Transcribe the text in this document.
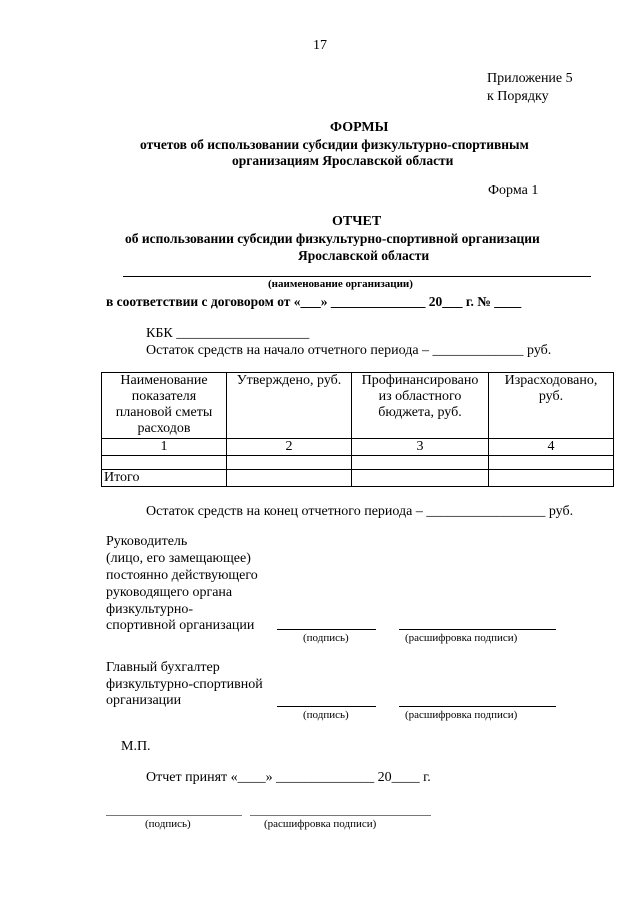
17
Приложение 5
к Порядку
ФОРМЫ
отчетов об использовании субсидии физкультурно-спортивным
организациям Ярославской области
Форма 1
ОТЧЕТ
об использовании субсидии физкультурно-спортивной организации
Ярославской области
(наименование организации)
в соответствии с договором от «___» ______________ 20___ г. № ____
КБК ___________________
Остаток средств на начало отчетного периода – _____________ руб.
Наименование показателя плановой сметы расходов	Утверждено, руб.	Профинансировано из областного бюджета, руб.	Израсходовано, руб.
1	2	3	4

Итого			
Остаток средств на конец отчетного периода – _________________ руб.
Руководитель
(лицо, его замещающее)
постоянно действующего
руководящего органа
физкультурно-
спортивной организации
(подпись)	(расшифровка подписи)
Главный бухгалтер
физкультурно-спортивной
организации
(подпись)	(расшифровка подписи)
М.П.
Отчет принят «____» ______________ 20____ г.
(подпись)	(расшифровка подписи)
